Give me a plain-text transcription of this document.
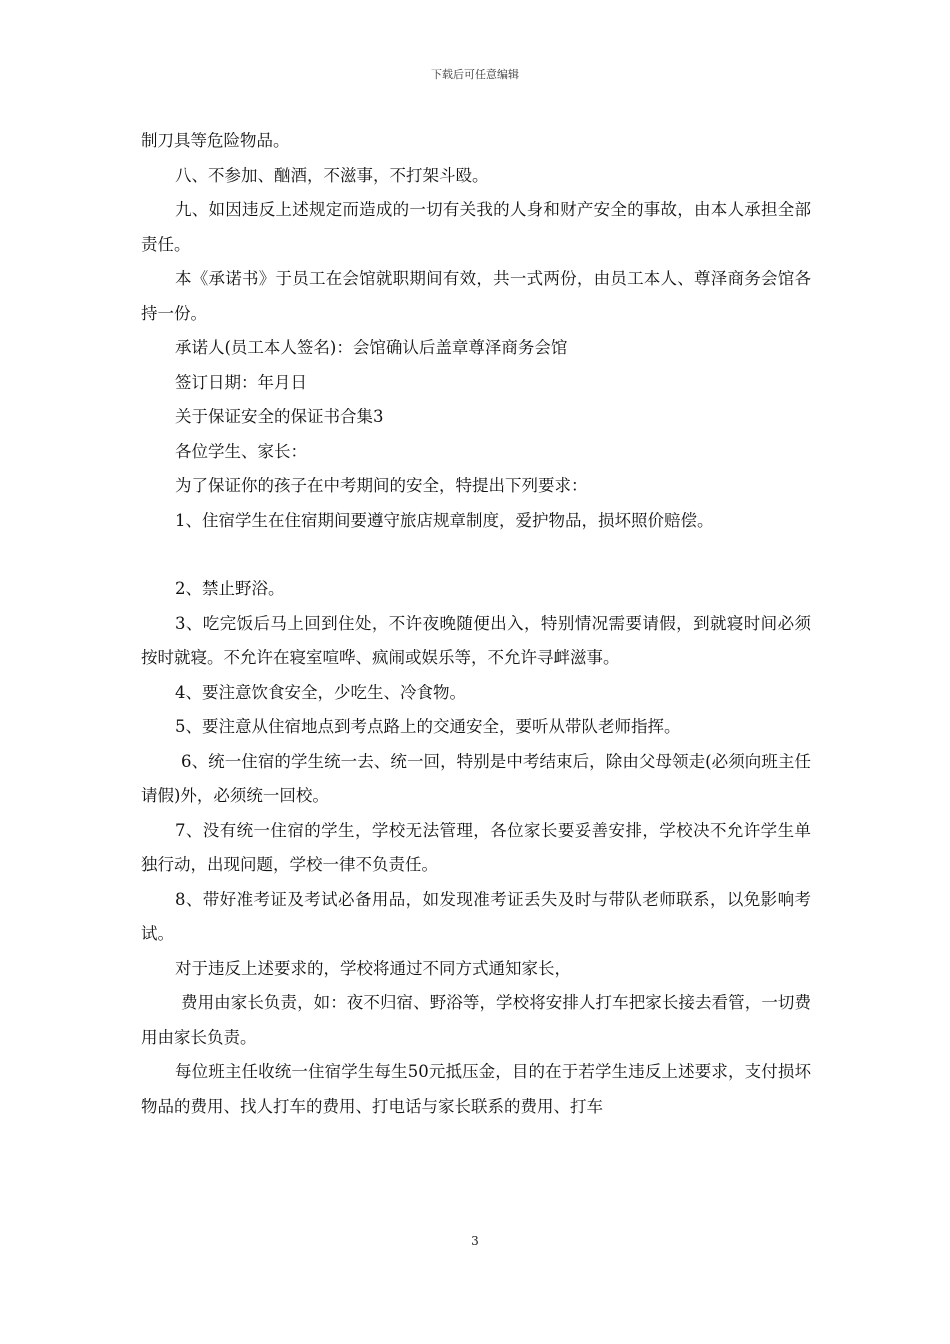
下载后可任意编辑

制刀具等危险物品。

八、不参加、酗酒，不滋事，不打架斗殴。

九、如因违反上述规定而造成的一切有关我的人身和财产安全的事故，由本人承担全部责任。

本《承诺书》于员工在会馆就职期间有效，共一式两份，由员工本人、尊泽商务会馆各持一份。

承诺人(员工本人签名)：会馆确认后盖章尊泽商务会馆

签订日期：年月日

关于保证安全的保证书合集3

各位学生、家长：

为了保证你的孩子在中考期间的安全，特提出下列要求：

1、住宿学生在住宿期间要遵守旅店规章制度，爱护物品，损坏照价赔偿。

2、禁止野浴。

3、吃完饭后马上回到住处，不许夜晚随便出入，特别情况需要请假，到就寝时间必须按时就寝。不允许在寝室喧哗、疯闹或娱乐等，不允许寻衅滋事。

4、要注意饮食安全，少吃生、冷食物。

5、要注意从住宿地点到考点路上的交通安全，要听从带队老师指挥。

6、统一住宿的学生统一去、统一回，特别是中考结束后，除由父母领走(必须向班主任请假)外，必须统一回校。

7、没有统一住宿的学生，学校无法管理，各位家长要妥善安排，学校决不允许学生单独行动，出现问题，学校一律不负责任。

8、带好准考证及考试必备用品，如发现准考证丢失及时与带队老师联系，以免影响考试。

对于违反上述要求的，学校将通过不同方式通知家长，

费用由家长负责，如：夜不归宿、野浴等，学校将安排人打车把家长接去看管，一切费用由家长负责。

每位班主任收统一住宿学生每生50元抵压金，目的在于若学生违反上述要求，支付损坏物品的费用、找人打车的费用、打电话与家长联系的费用、打车

3
